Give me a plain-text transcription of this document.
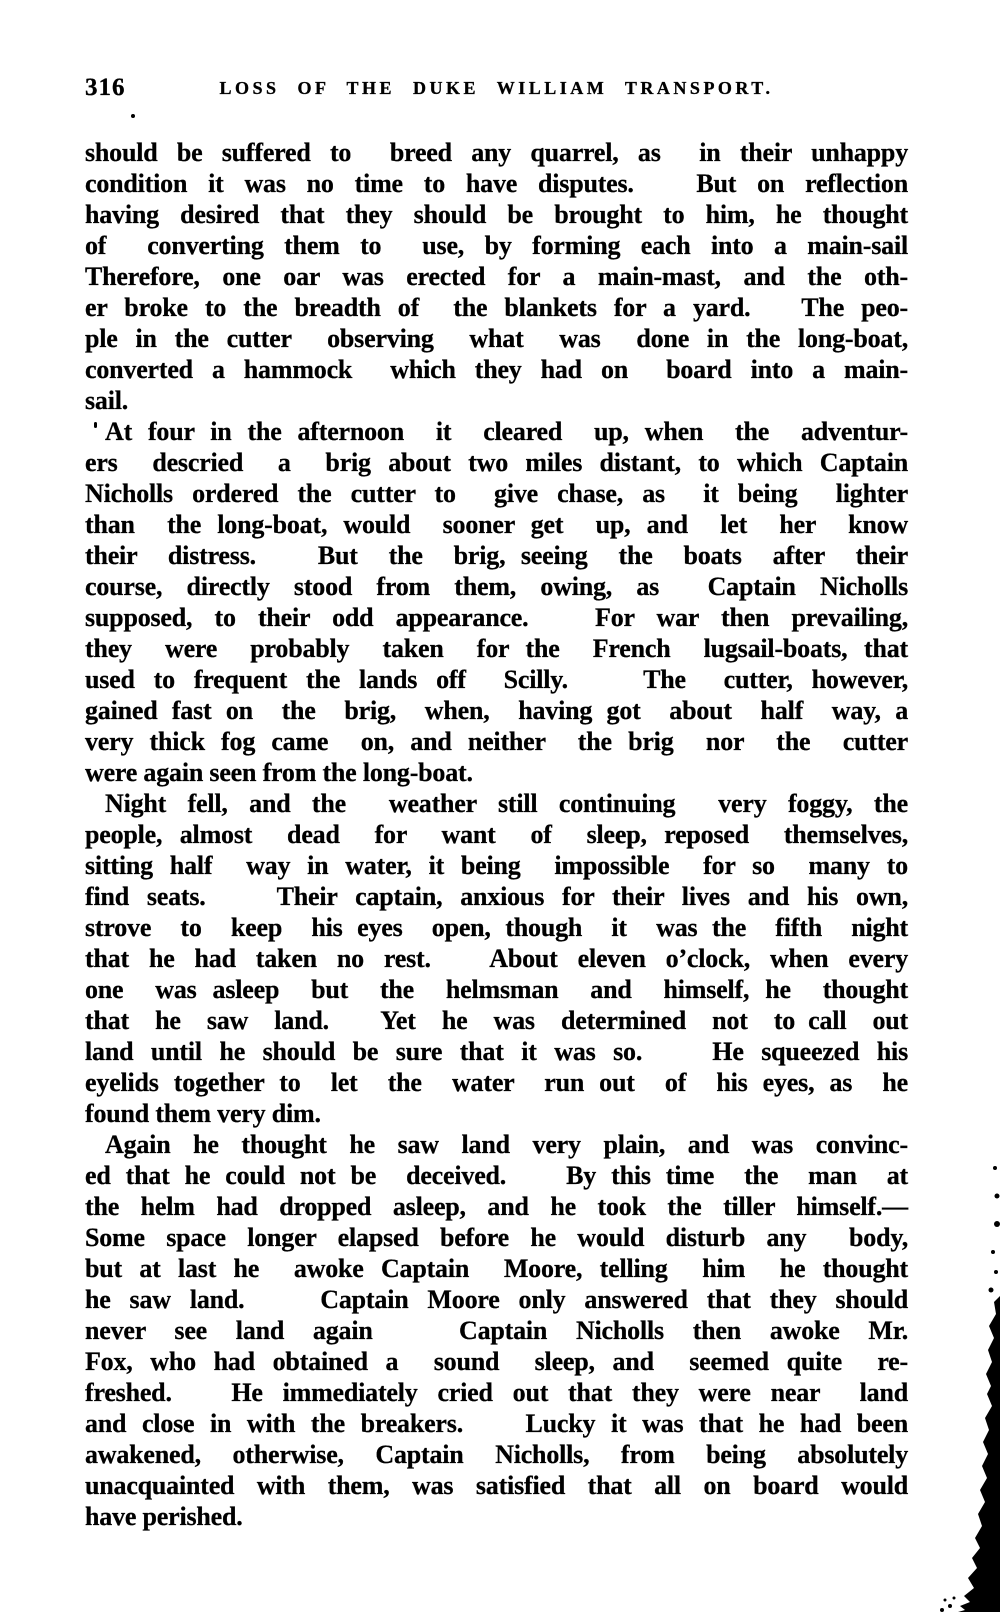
316	LOSS OF THE DUKE WILLIAM TRANSPORT.
should be suffered to  breed any quarrel, as  in their unhappy
condition it was no time to have disputes.   But on reflection
having desired that they should be brought to him, he thought
of  converting them to  use, by forming each into a main-sail
Therefore, one oar was erected for a main-mast, and the oth-
er broke to the breadth of  the blankets for a yard.   The peo-
ple in the cutter  observing  what  was  done in the long-boat,
converted a hammock  which they had on  board into a main-
sail.
At four in the afternoon  it  cleared  up, when  the  adventur-
ers  descried  a  brig about two miles distant, to which Captain
Nicholls ordered the cutter to  give chase, as  it being  lighter
than  the long-boat, would  sooner get  up, and  let  her  know
their  distress.    But  the  brig, seeing  the  boats  after  their
course, directly stood from them, owing, as  Captain Nicholls
supposed, to their odd appearance.   For war then prevailing,
they  were  probably  taken  for the  French  lugsail-boats, that
used to frequent the lands off  Scilly.    The  cutter, however,
gained fast on  the  brig,  when,  having got  about  half  way, a
very thick fog came  on, and neither  the brig  nor  the  cutter
were again seen from the long-boat.
Night fell, and the  weather still continuing  very foggy, the
people, almost  dead  for  want  of  sleep, reposed  themselves,
sitting half  way in water, it being  impossible  for so  many to
find seats.    Their captain, anxious for their lives and his own,
strove  to  keep  his eyes  open, though  it  was the  fifth  night
that he had taken no rest.   About eleven o’clock, when every
one  was asleep  but  the  helmsman  and  himself, he  thought
that  he  saw  land.    Yet  he  was  determined  not  to call  out
land until he should be sure that it was so.    He squeezed his
eyelids together to  let  the  water  run out  of  his eyes, as  he
found them very dim.
Again he thought he saw land very plain, and was convinc-
ed that he could not be  deceived.    By this time  the  man  at
the helm had dropped asleep, and he took the tiller himself.—
Some space longer elapsed before he would disturb any  body,
but at last he  awoke Captain  Moore, telling  him  he thought
he saw land.    Captain Moore only answered that they should
never  see  land  again      Captain  Nicholls  then  awoke  Mr.
Fox, who had obtained a  sound  sleep, and  seemed quite  re-
freshed.   He immediately cried out that they were near  land
and close in with the breakers.    Lucky it was that he had been
awakened, otherwise, Captain Nicholls, from being absolutely
unacquainted with them, was satisfied that all on board would
have perished.
